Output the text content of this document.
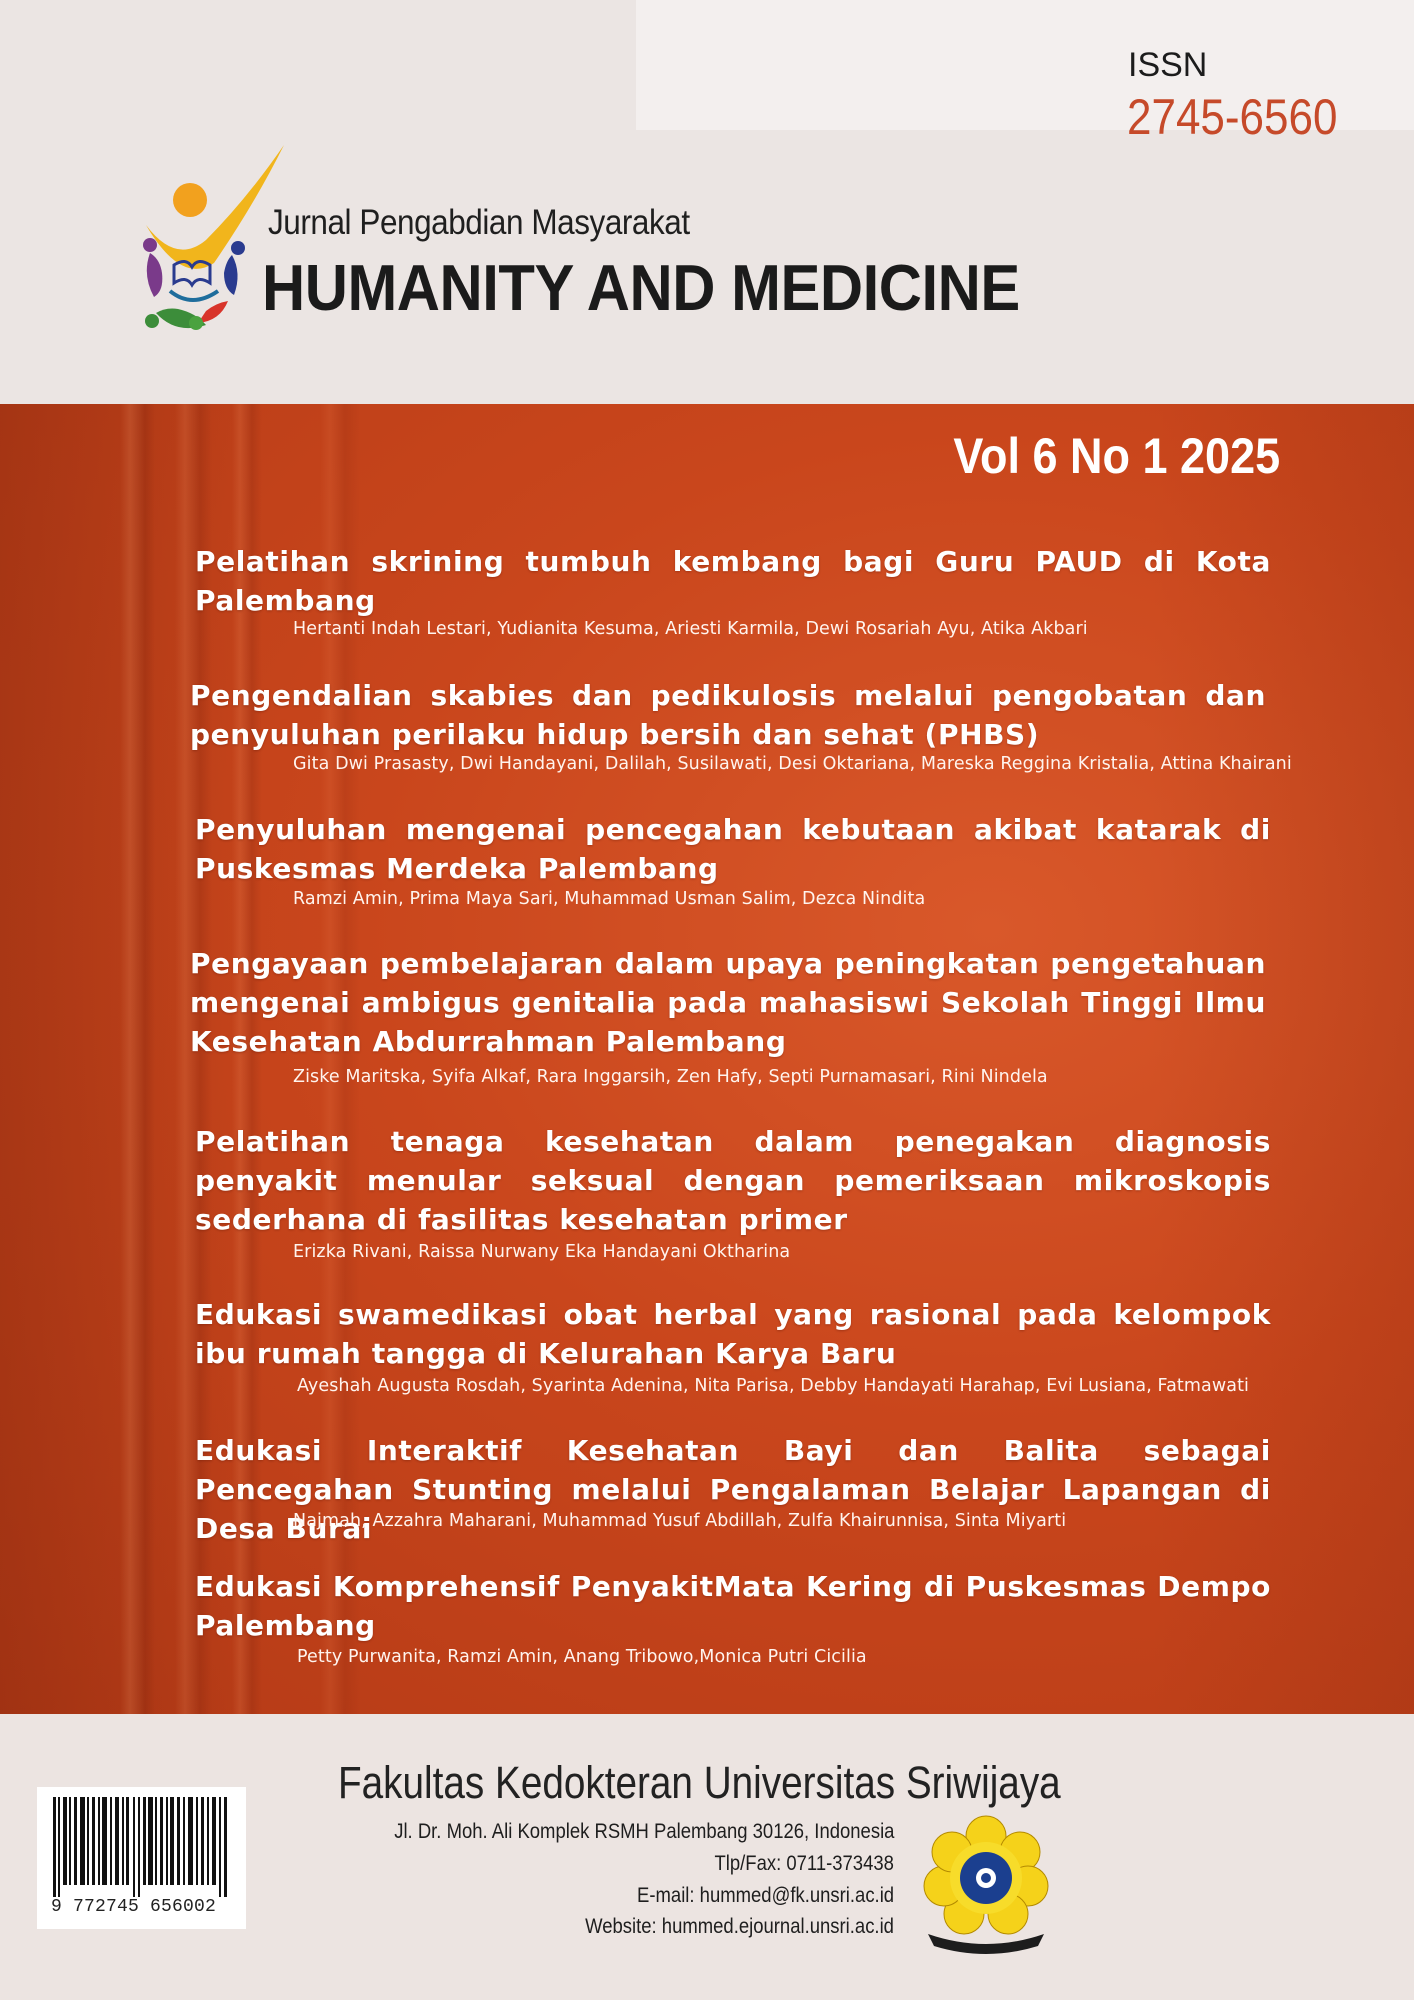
ISSN
2745-6560
Jurnal Pengabdian Masyarakat
HUMANITY AND MEDICINE
Vol 6 No 1 2025
Pelatihan skrining tumbuh kembang bagi Guru PAUD di Kota Palembang
Hertanti Indah Lestari, Yudianita Kesuma, Ariesti Karmila, Dewi Rosariah Ayu, Atika Akbari
Pengendalian skabies dan pedikulosis melalui pengobatan dan penyuluhan perilaku hidup bersih dan sehat (PHBS)
Gita Dwi Prasasty, Dwi Handayani, Dalilah, Susilawati, Desi Oktariana, Mareska Reggina Kristalia, Attina Khairani
Penyuluhan mengenai pencegahan kebutaan akibat katarak di Puskesmas Merdeka Palembang
Ramzi Amin, Prima Maya Sari, Muhammad Usman Salim, Dezca Nindita
Pengayaan pembelajaran dalam upaya peningkatan pengetahuan mengenai ambigus genitalia pada mahasiswi Sekolah Tinggi Ilmu Kesehatan Abdurrahman Palembang
Ziske Maritska, Syifa Alkaf, Rara Inggarsih, Zen Hafy, Septi Purnamasari, Rini Nindela
Pelatihan tenaga kesehatan dalam penegakan diagnosis penyakit menular seksual dengan pemeriksaan mikroskopis sederhana di fasilitas kesehatan primer
Erizka Rivani, Raissa Nurwany Eka Handayani Oktharina
Edukasi swamedikasi obat herbal yang rasional pada kelompok ibu rumah tangga di Kelurahan Karya Baru
Ayeshah Augusta Rosdah, Syarinta Adenina, Nita Parisa, Debby Handayati Harahap, Evi Lusiana, Fatmawati
Edukasi Interaktif Kesehatan Bayi dan Balita sebagai Pencegahan Stunting melalui Pengalaman Belajar Lapangan di Desa Burai
Najmah, Azzahra Maharani, Muhammad Yusuf Abdillah, Zulfa Khairunnisa, Sinta Miyarti
Edukasi Komprehensif PenyakitMata Kering di Puskesmas Dempo Palembang
Petty Purwanita, Ramzi Amin, Anang Tribowo,Monica Putri Cicilia
9 772745 656002
Fakultas Kedokteran Universitas Sriwijaya
Jl. Dr. Moh. Ali Komplek RSMH Palembang 30126, Indonesia
Tlp/Fax: 0711-373438
E-mail: hummed@fk.unsri.ac.id
Website: hummed.ejournal.unsri.ac.id
